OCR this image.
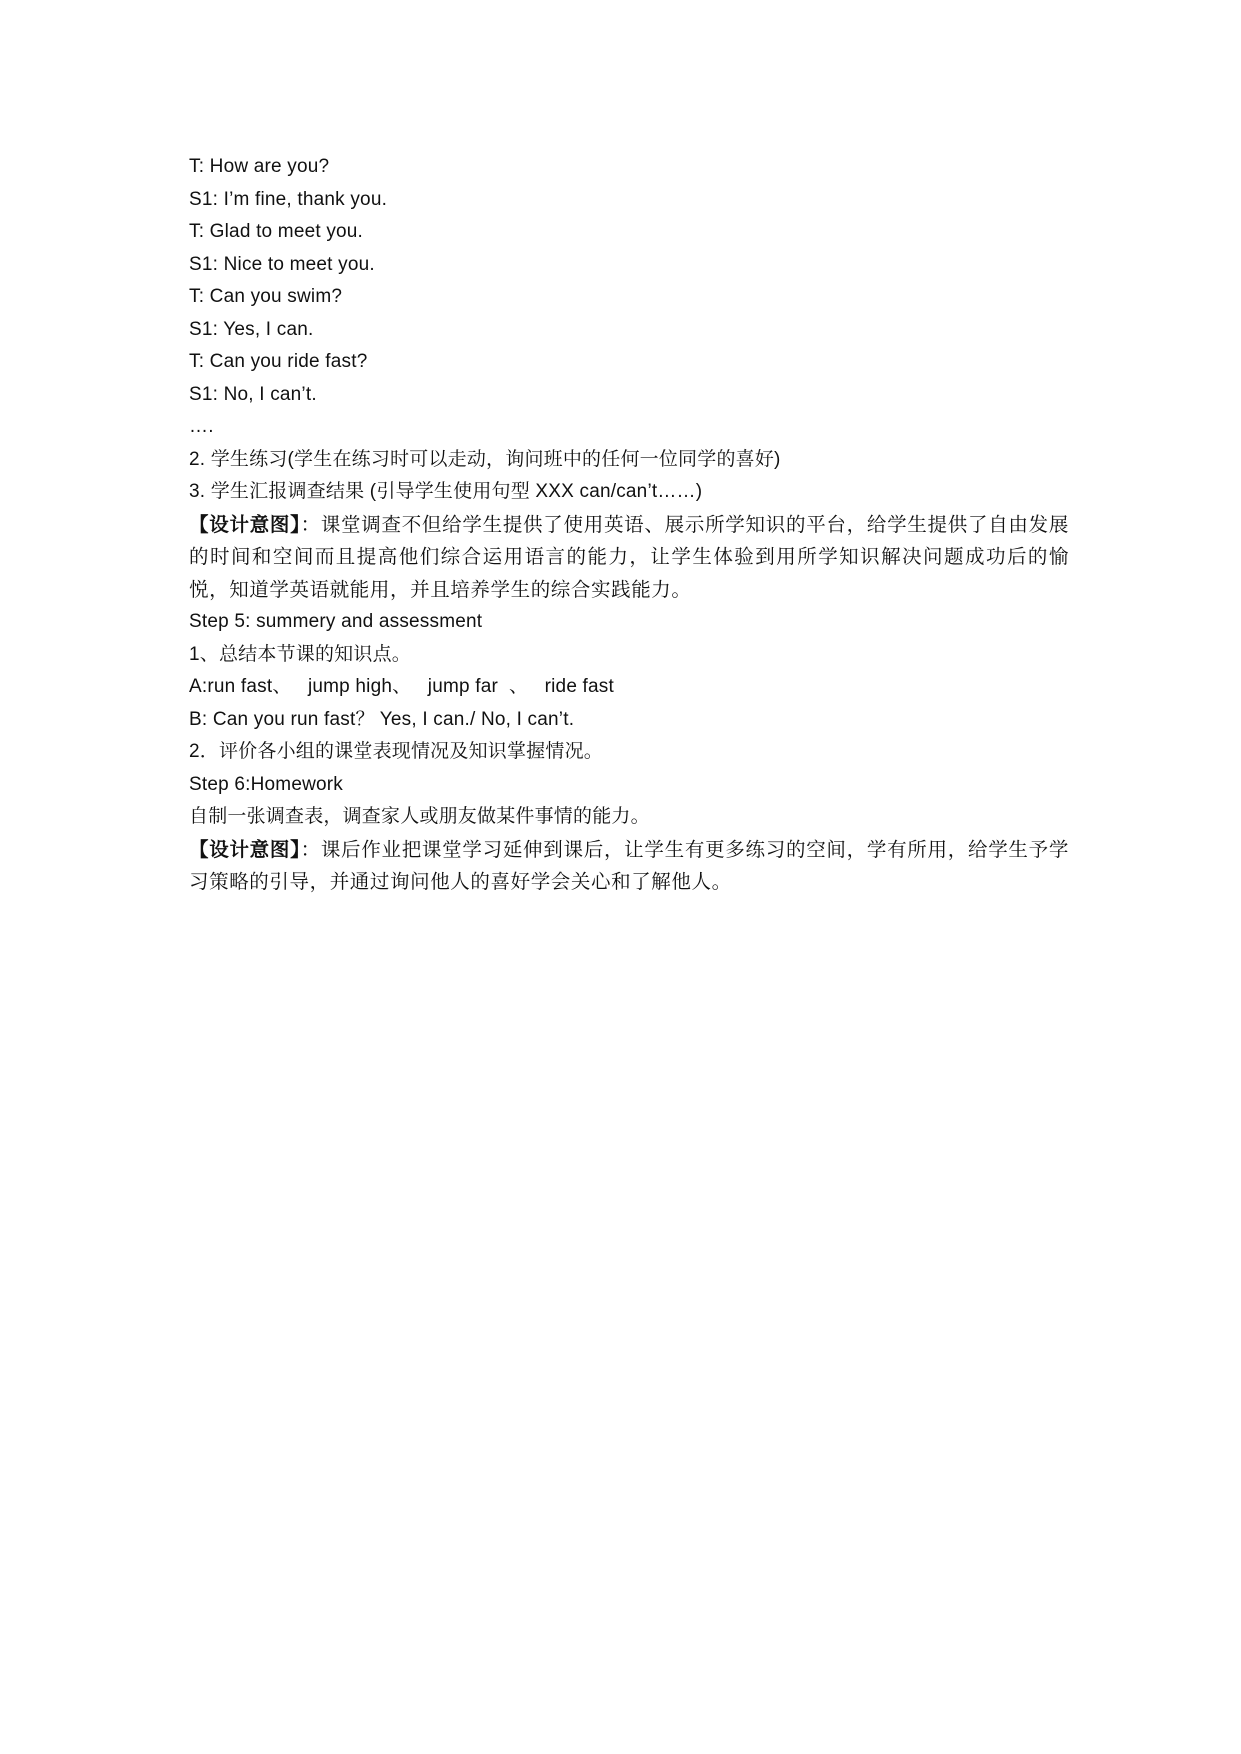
T: How are you?
S1: I’m fine, thank you.
T: Glad to meet you.
S1: Nice to meet you.
T: Can you swim?
S1: Yes, I can.
T: Can you ride fast?
S1: No, I can’t.
….
2. 学生练习(学生在练习时可以走动，询问班中的任何一位同学的喜好)
3. 学生汇报调查结果 (引导学生使用句型 XXX can/can’t……)
【设计意图】：课堂调查不但给学生提供了使用英语、展示所学知识的平台，给学生提供了自由发展的时间和空间而且提高他们综合运用语言的能力，让学生体验到用所学知识解决问题成功后的愉悦，知道学英语就能用，并且培养学生的综合实践能力。
Step 5: summery and assessment
1、总结本节课的知识点。
A:run fast、   jump high、   jump far  、   ride fast
B: Can you run fast？ Yes, I can./ No, I can’t.
2．评价各小组的课堂表现情况及知识掌握情况。
Step 6:Homework
自制一张调查表，调查家人或朋友做某件事情的能力。
【设计意图】：课后作业把课堂学习延伸到课后，让学生有更多练习的空间，学有所用，给学生予学习策略的引导，并通过询问他人的喜好学会关心和了解他人。
